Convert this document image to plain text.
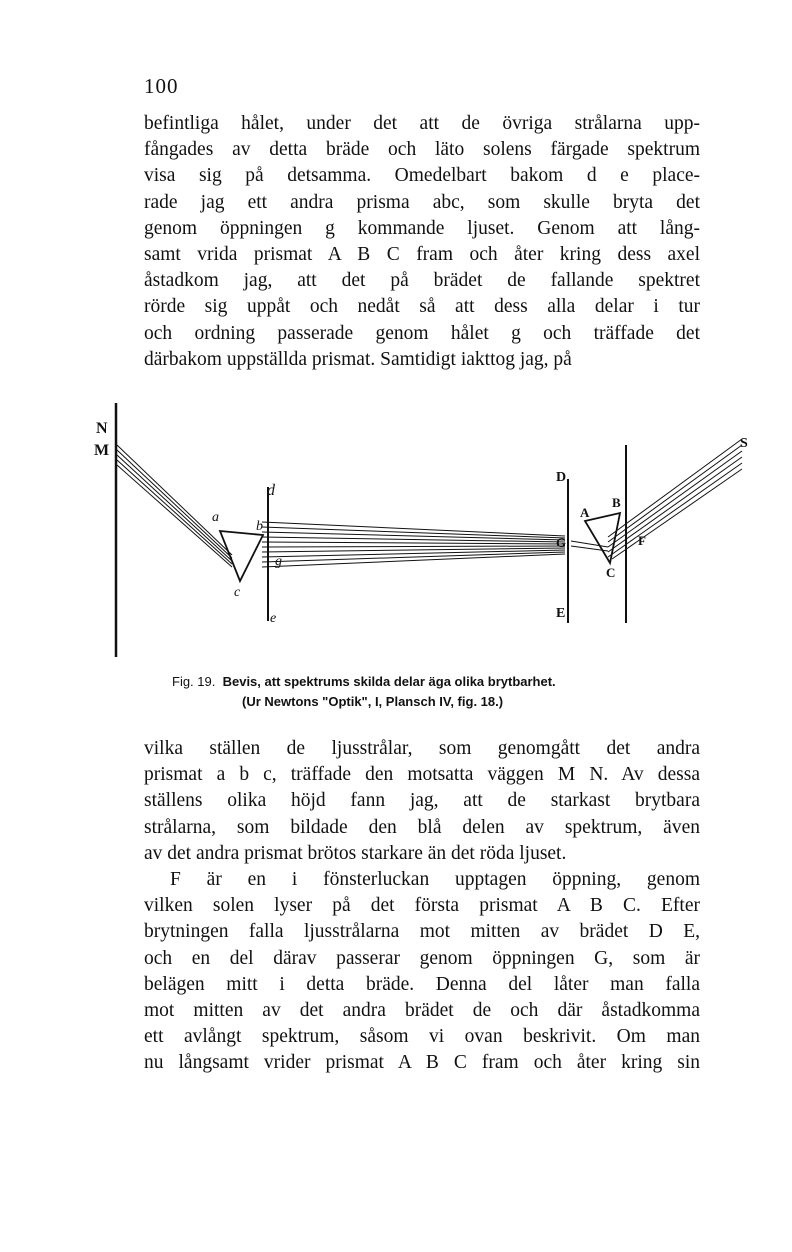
100

befintliga hålet, under det att de övriga strålarna upp-
fångades av detta bräde och läto solens färgade spektrum
visa sig på detsamma. Omedelbart bakom d e place-
rade jag ett andra prisma abc, som skulle bryta det
genom öppningen g kommande ljuset. Genom att lång-
samt vrida prismat A B C fram och åter kring dess axel
åstadkom jag, att det på brädet de fallande spektret
rörde sig uppåt och nedåt så att dess alla delar i tur
och ordning passerade genom hålet g och träffade det
därbakom uppställda prismat. Samtidigt iakttog jag, på

N
M
a
b
c
d
e
g
D
E
G
A
B
C
F
S
Fig. 19. Bevis, att spektrums skilda delar äga olika brytbarhet.
(Ur Newtons "Optik", I, Plansch IV, fig. 18.)

vilka ställen de ljusstrålar, som genomgått det andra
prismat a b c, träffade den motsatta väggen M N. Av dessa
ställens olika höjd fann jag, att de starkast brytbara
strålarna, som bildade den blå delen av spektrum, även
av det andra prismat brötos starkare än det röda ljuset.
F är en i fönsterluckan upptagen öppning, genom
vilken solen lyser på det första prismat A B C. Efter
brytningen falla ljusstrålarna mot mitten av brädet D E,
och en del därav passerar genom öppningen G, som är
belägen mitt i detta bräde. Denna del låter man falla
mot mitten av det andra brädet de och där åstadkomma
ett avlångt spektrum, såsom vi ovan beskrivit. Om man
nu långsamt vrider prismat A B C fram och åter kring sin
